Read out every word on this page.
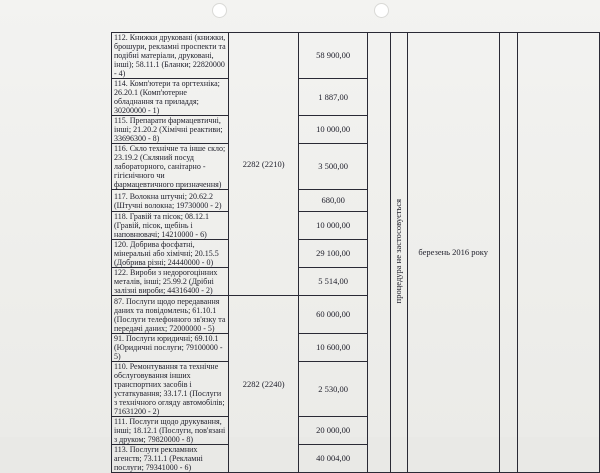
112. Книжки друковані (книжки, брошури, рекламні проспекти та подібні матеріали, друковані, інші); 58.11.1 (Бланки; 22820000 - 4)	2282 (2210)	58 900,00		процедура не застосовується	березень 2016 року		
114. Комп'ютери та оргтехніка; 26.20.1 (Комп'ютерне обладнання та приладдя; 30200000 - 1)		1 887,00					
115. Препарати фармацевтичні, інші; 21.20.2 (Хімічні реактиви; 33696300 - 8)		10 000,00					
116. Скло технічне та інше скло; 23.19.2 (Скляний посуд лабораторного, санітарно - гігієнічного чи фармацевтичного призначення)		3 500,00					
117. Волокна штучні; 20.62.2 (Штучні волокна; 19730000 - 2)		680,00					
118. Гравій та пісок; 08.12.1 (Гравій, пісок, щебінь і наповнювачі; 14210000 - 6)		10 000,00					
120. Добрива фосфатні, мінеральні або хімічні; 20.15.5 (Добрива різні; 24440000 - 0)		29 100,00					
122. Вироби з недорогоцінних металів, інші; 25.99.2 (Дрібні залізні вироби; 44316400 - 2)		5 514,00					
87. Послуги щодо передавання даних та повідомлень; 61.10.1 (Послуги телефонного зв'язку та передачі даних; 72000000 - 5)	2282 (2240)	60 000,00					
91. Послуги юридичні; 69.10.1 (Юридичні послуги; 79100000 - 5)		10 600,00					
110. Ремонтування та технічне обслуговування інших транспортних засобів і устаткування; 33.17.1 (Послуги з технічного огляду автомобілів; 71631200 - 2)		2 530,00					
111. Послуги щодо друкування, інші; 18.12.1 (Послуги, пов'язані з друком; 79820000 - 8)		20 000,00					
113. Послуги рекламних агенств; 73.11.1 (Рекламні послуги; 79341000 - 6)		40 004,00					
